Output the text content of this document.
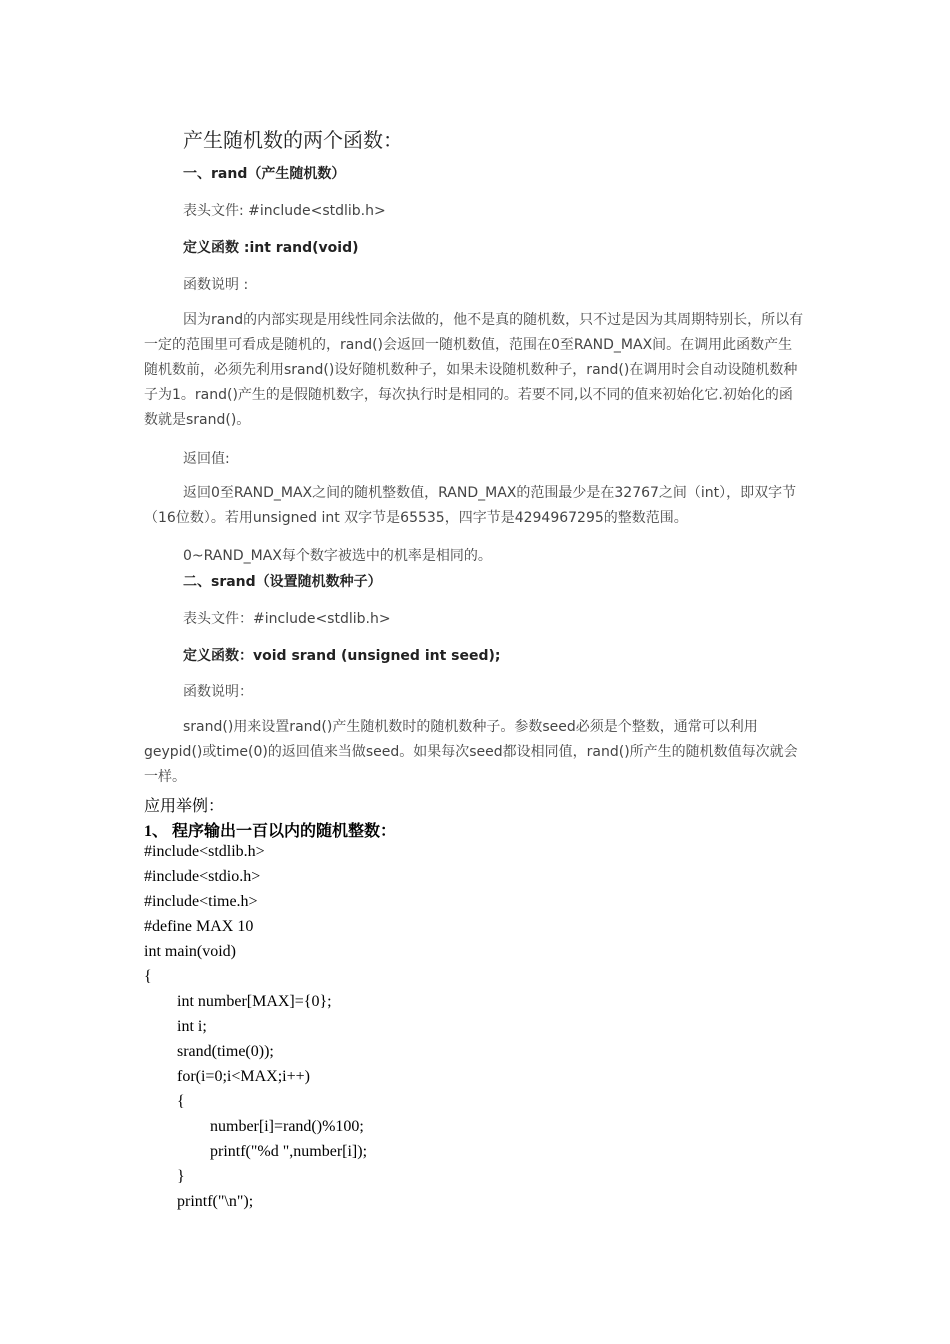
产生随机数的两个函数：
一、rand（产生随机数）
表头文件: #include<stdlib.h>
定义函数 :int rand(void)
函数说明 :
因为rand的内部实现是用线性同余法做的，他不是真的随机数，只不过是因为其周期特别长，所以有一定的范围里可看成是随机的，rand()会返回一随机数值，范围在0至RAND_MAX间。在调用此函数产生随机数前，必须先利用srand()设好随机数种子，如果未设随机数种子，rand()在调用时会自动设随机数种子为1。rand()产生的是假随机数字，每次执行时是相同的。若要不同,以不同的值来初始化它.初始化的函数就是srand()。
返回值:
返回0至RAND_MAX之间的随机整数值，RAND_MAX的范围最少是在32767之间（int），即双字节（16位数）。若用unsigned int 双字节是65535，四字节是4294967295的整数范围。
0~RAND_MAX每个数字被选中的机率是相同的。
二、srand（设置随机数种子）
表头文件：#include<stdlib.h>
定义函数：void srand (unsigned int seed);
函数说明：
srand()用来设置rand()产生随机数时的随机数种子。参数seed必须是个整数，通常可以利用geypid()或time(0)的返回值来当做seed。如果每次seed都设相同值，rand()所产生的随机数值每次就会一样。
应用举例：
1、 程序输出一百以内的随机整数：
#include<stdlib.h>
#include<stdio.h>
#include<time.h>
#define MAX 10
int main(void)
{
int number[MAX]={0};
int i;
srand(time(0));
for(i=0;i<MAX;i++)
{
number[i]=rand()%100;
printf("%d ",number[i]);
}
printf("\n");
